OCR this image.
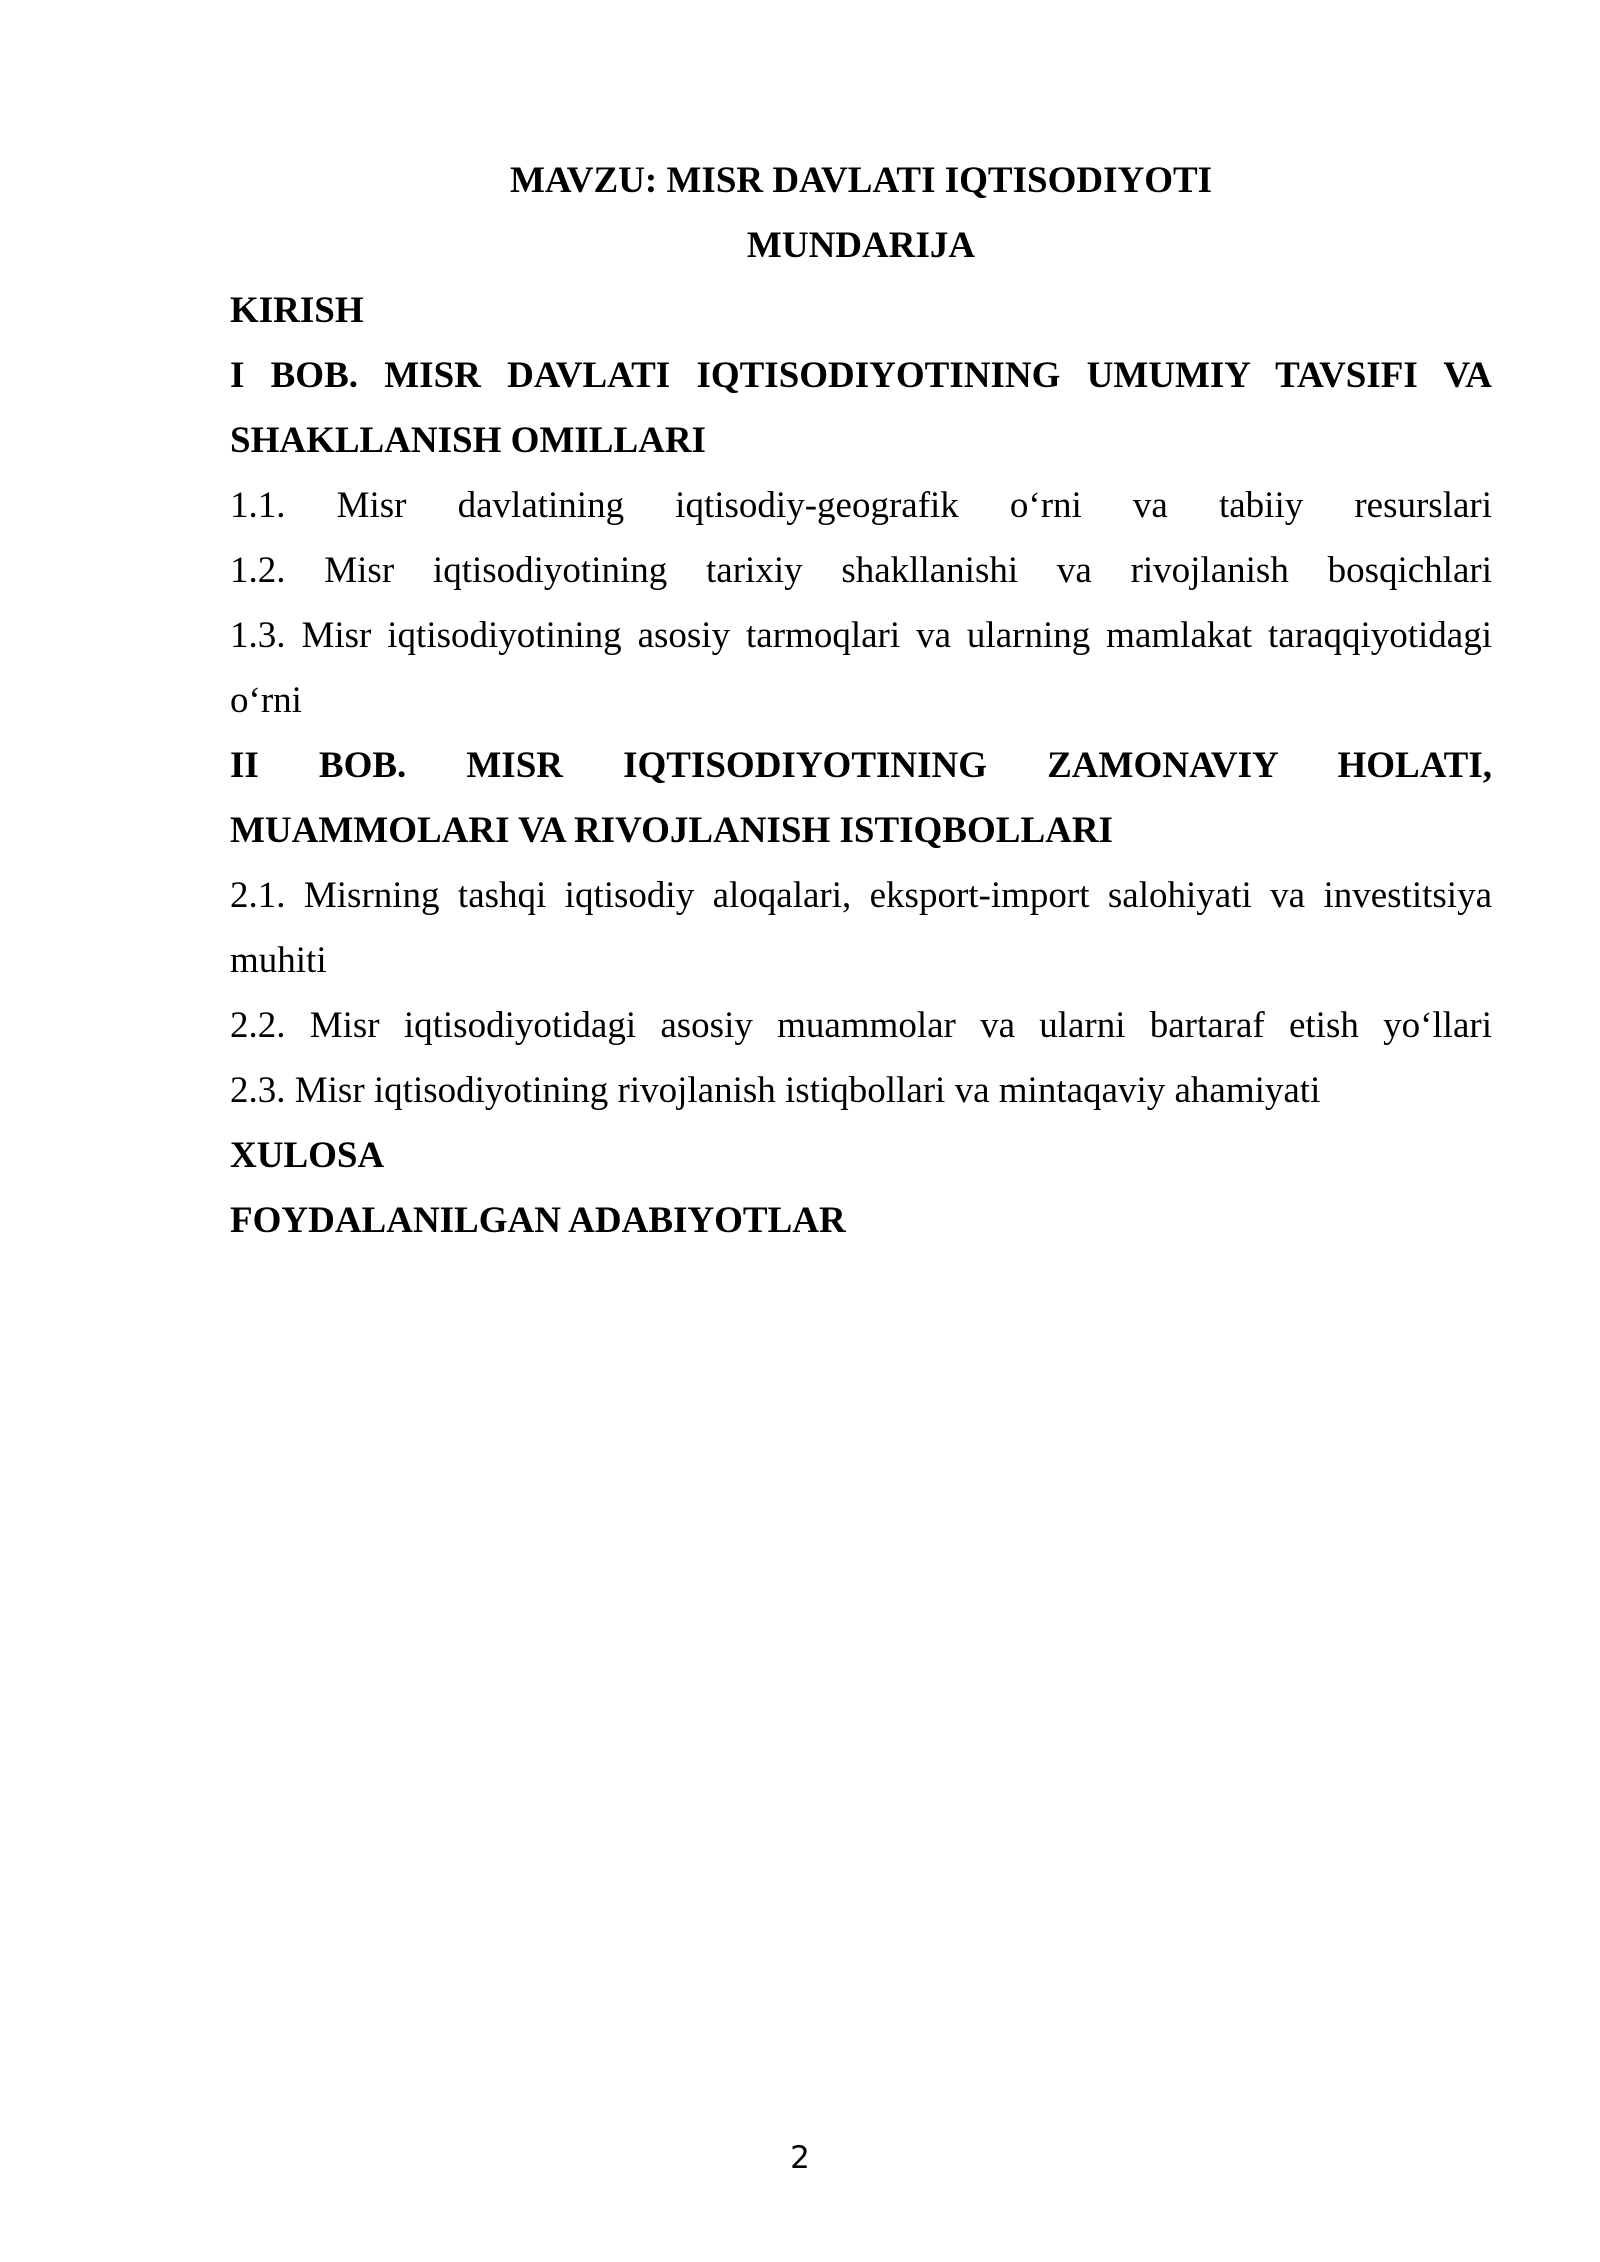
MAVZU: MISR DAVLATI IQTISODIYOTI

MUNDARIJA

KIRISH

I BOB. MISR DAVLATI IQTISODIYOTINING UMUMIY TAVSIFI VA

SHAKLLANISH OMILLARI

1.1. Misr davlatining iqtisodiy-geografik o‘rni va tabiiy resurslari

1.2. Misr iqtisodiyotining tarixiy shakllanishi va rivojlanish bosqichlari

1.3. Misr iqtisodiyotining asosiy tarmoqlari va ularning mamlakat taraqqiyotidagi

o‘rni

II BOB. MISR IQTISODIYOTINING ZAMONAVIY HOLATI,

MUAMMOLARI VA RIVOJLANISH ISTIQBOLLARI

2.1. Misrning tashqi iqtisodiy aloqalari, eksport-import salohiyati va investitsiya

muhiti

2.2. Misr iqtisodiyotidagi asosiy muammolar va ularni bartaraf etish yo‘llari

2.3. Misr iqtisodiyotining rivojlanish istiqbollari va mintaqaviy ahamiyati

XULOSA

FOYDALANILGAN ADABIYOTLAR

2
